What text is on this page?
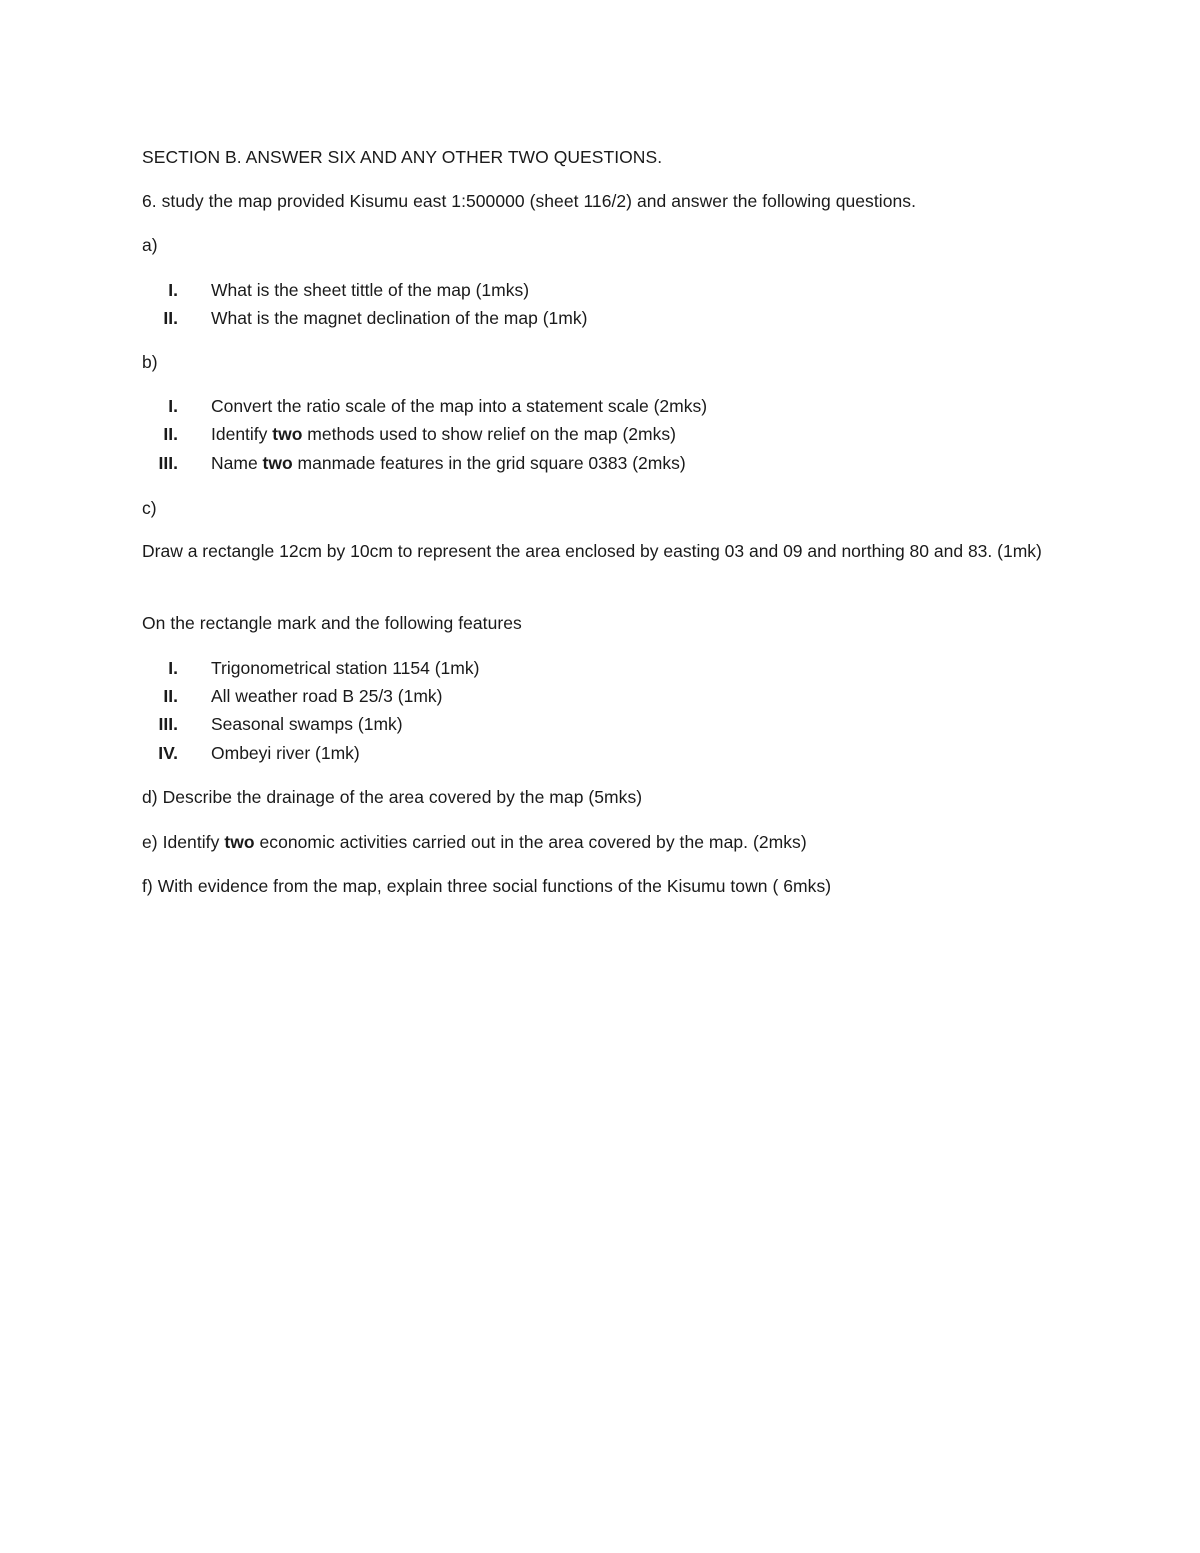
SECTION B. ANSWER SIX AND ANY OTHER TWO QUESTIONS.
6. study the map provided Kisumu east 1:500000 (sheet 116/2) and answer the following questions.
a)
I. What is the sheet tittle of the map (1mks)
II. What is the magnet declination of the map (1mk)
b)
I. Convert the ratio scale of the map into a statement scale (2mks)
II. Identify two methods used to show relief on the map (2mks)
III. Name two manmade features in the grid square 0383 (2mks)
c)
Draw a rectangle 12cm by 10cm to represent the area enclosed by easting 03 and 09 and northing 80 and 83. (1mk)
On the rectangle mark and the following features
I. Trigonometrical station 1154 (1mk)
II. All weather road B 25/3 (1mk)
III. Seasonal swamps (1mk)
IV. Ombeyi river (1mk)
d) Describe the drainage of the area covered by the map (5mks)
e) Identify two economic activities carried out in the area covered by the map. (2mks)
f) With evidence from the map, explain three social functions of the Kisumu town ( 6mks)
